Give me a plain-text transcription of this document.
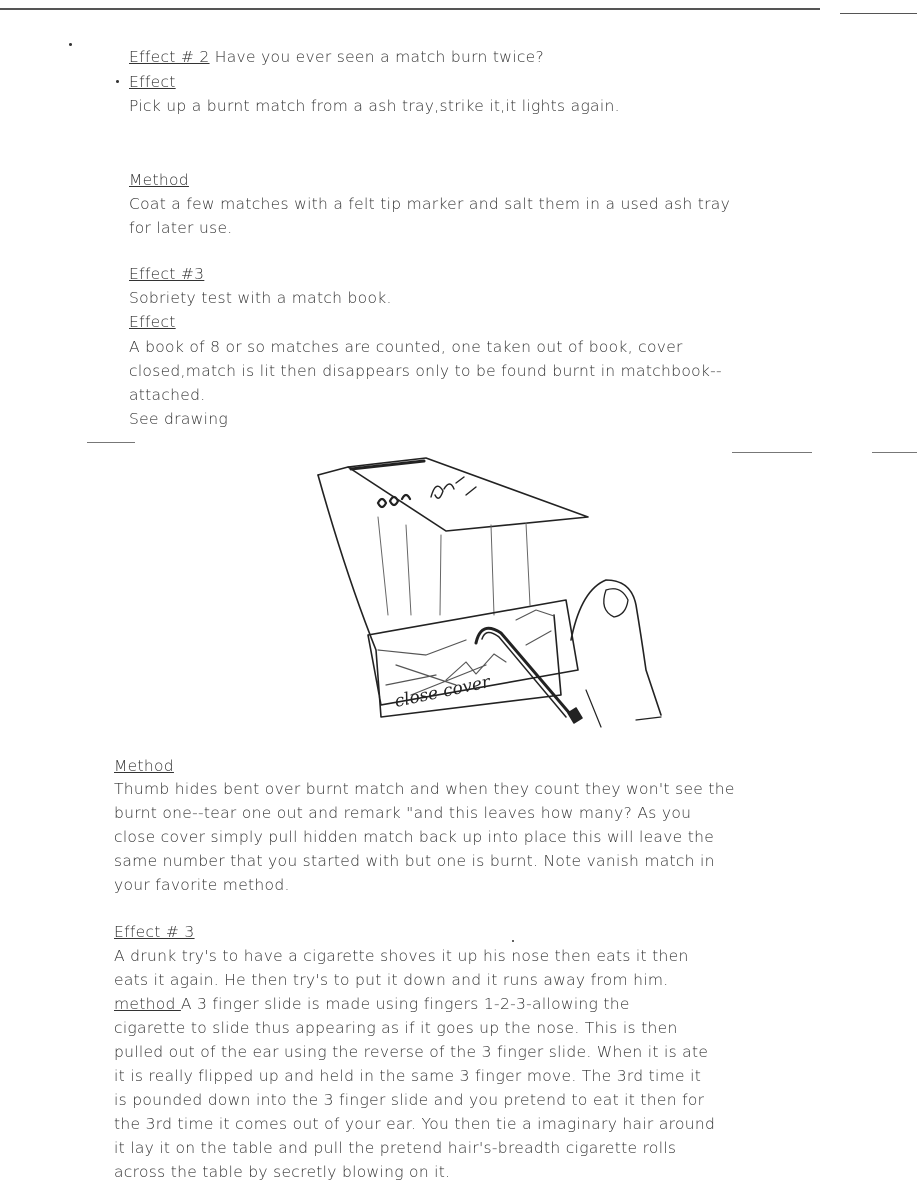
Effect # 2 Have you ever seen a match burn twice?
Effect
Pick up a burnt match from a ash tray,strike it,it lights again.
Method
Coat a few matches with a felt tip marker and salt them in a used ash tray
for later use.
Effect #3
Sobriety test with a match book.
Effect
A book of 8 or so matches are counted, one taken out of book, cover
closed,match is lit then disappears only to be found burnt in matchbook--
attached.
See drawing
close cover
Method
Thumb hides bent over burnt match and when they count they won't see the
burnt one--tear one out and remark "and this leaves how many? As you
close cover simply pull hidden match back up into place this will leave the
same number that you started with but one is burnt. Note vanish match in
your favorite method.
Effect # 3
A drunk try's to have a cigarette shoves it up his nose then eats it then
eats it again. He then try's to put it down and it runs away from him.
method A 3 finger slide is made using fingers 1-2-3-allowing the
cigarette to slide thus appearing as if it goes up the nose. This is then
pulled out of the ear using the reverse of the 3 finger slide. When it is ate
it is really flipped up and held in the same 3 finger move. The 3rd time it
is pounded down into the 3 finger slide and you pretend to eat it then for
the 3rd time it comes out of your ear. You then tie a imaginary hair around
it lay it on the table and pull the pretend hair's-breadth cigarette rolls
across the table by secretly blowing on it.
